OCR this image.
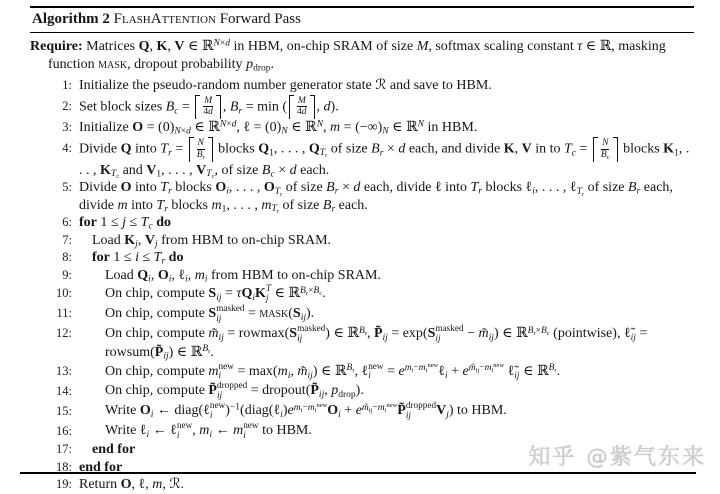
Algorithm 2 FlashAttention Forward Pass
Require: Matrices Q, K, V ∈ ℝ$^{N\times d}$ in HBM, on-chip SRAM of size M, softmax scaling constant τ ∈ ℝ, masking function mask, dropout probability $p_{drop}$.
1: Initialize the pseudo-random number generator state ℛ and save to HBM.
2: Set block sizes $B_c = \frac{M}{4d}$ , $B_r = \min$ ( $\frac{M}{4d}$ , d).
3: Initialize $O = (0)_{N\times d}$ ∈ ℝ$^{N\times d}$, ℓ = $(0)_N$ ∈ ℝ$^N$, $m = (-\infty)_N$ ∈ ℝ$^N$ in HBM.
4: Divide Q into $T_r = \frac{N}{B_r}$ blocks $Q_1$, . . . , $Q_{T_r}$ of size $B_r \times d$ each, and divide K, V in to $T_c = \frac{N}{B_c}$ blocks $K_1$, . . . , $K_{T_c}$ and $V_1$, . . . , $V_{T_c}$, of size $B_c \times d$ each.
5: Divide O into $T_r$ blocks $O_i$, . . . , $O_{T_r}$ of size $B_r \times d$ each, divide ℓ into $T_r$ blocks ℓ$_i$, . . . , ℓ$_{T_r}$ of size $B_r$ each, divide m into $T_r$ blocks $m_1$, . . . , $m_{T_r}$ of size $B_r$ each.
6: for $1 \le j \le T_c$ do
7:	Load $K_j$, $V_j$ from HBM to on-chip SRAM.
8:	for $1 \le i \le T_r$ do
9:	Load $Q_i$, $O_i$, ℓ$_i$, $m_i$ from HBM to on-chip SRAM.
10:	On chip, compute $S_{ij} = \tau Q_iK$ T
j ∈ ℝ$^{B_r\times B_c}$.
11:	On chip, compute S masked
ij = $mask(S_{ij})$.
12:	On chip, compute $m̃_{ij} = rowmax(S$ masked
ij ) ∈ ℝ$^{B_r}$, $P̃_{ij} = \exp(S$ masked
ij − $m̃_{ij}$) ∈ ℝ$^{B_r\times B_c}$ (pointwise), $\ell̃_{ij}$ = $rowsum(P̃_{ij})$ ∈ ℝ$^{B_r}$.
13:	On chip, compute m new
$i = \max(m_i$, $m̃_{ij}$) ∈ ℝ$^{B_r}$, ℓ new
$i = e^{m_i-m_i^{new}}\ell_i + e^{m̃_{ij}-m_i^{new}}$ $\ell̃_{ij}$ ∈ ℝ$^{B_r}$.
14:	On chip, compute P̃ dropped
ij = $dropout(P̃_{ij}$, $p_{drop}$).
15:	Write $O_i$ ← diag(ℓ new
i )$^{-1}(diag(\ell_i)e^{m_i-m_i^{new}}O_i$ + $e^{m̃_{ij}-m_i^{new}}P̃$ dropped
ij $V_j$) to HBM.
16:	Write ℓ$_i$ ← ℓ new
i , $m_i$ ← m new
i to HBM.
17:	end for
18: end for
19: Return O, ℓ, m, ℛ.
知乎 @紫气东来
